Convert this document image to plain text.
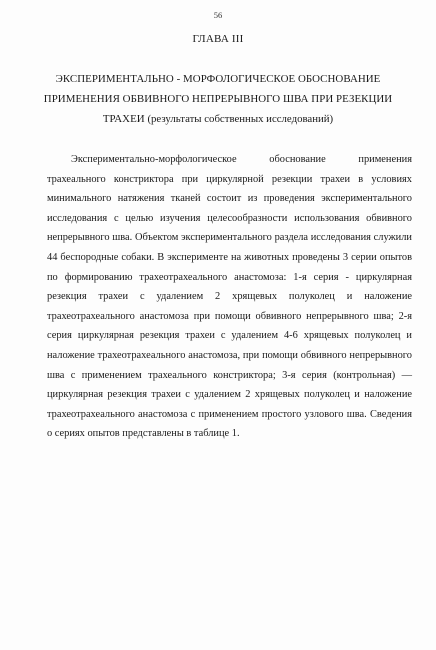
56
ГЛАВА III
ЭКСПЕРИМЕНТАЛЬНО - МОРФОЛОГИЧЕСКОЕ ОБОСНОВАНИЕ
ПРИМЕНЕНИЯ ОБВИВНОГО НЕПРЕРЫВНОГО ШВА ПРИ РЕЗЕКЦИИ
ТРАХЕИ (результаты собственных исследований)

Экспериментально-морфологическое обоснование применения трахеального констриктора при циркулярной резекции трахеи в условиях минимального натяжения тканей состоит из проведения экспериментального исследования с целью изучения целесообразности использования обвивного непрерывного шва. Объектом экспериментального раздела исследования служили 44 беспородные собаки. В эксперименте на животных проведены 3 серии опытов по формированию трахеотрахеального анастомоза: 1-я серия - циркулярная резекция трахеи с удалением 2 хрящевых полуколец и наложение трахеотрахеального анастомоза при помощи обвивного непрерывного шва; 2-я серия циркулярная резекция трахеи с удалением 4-6 хрящевых полуколец и наложение трахеотрахеального анастомоза, при помощи обвивного непрерывного шва с применением трахеального констриктора; 3-я серия (контрольная) — циркулярная резекция трахеи с удалением 2 хрящевых полуколец и наложение трахеотрахеального анастомоза с применением простого узлового шва. Сведения о сериях опытов представлены в таблице 1.
